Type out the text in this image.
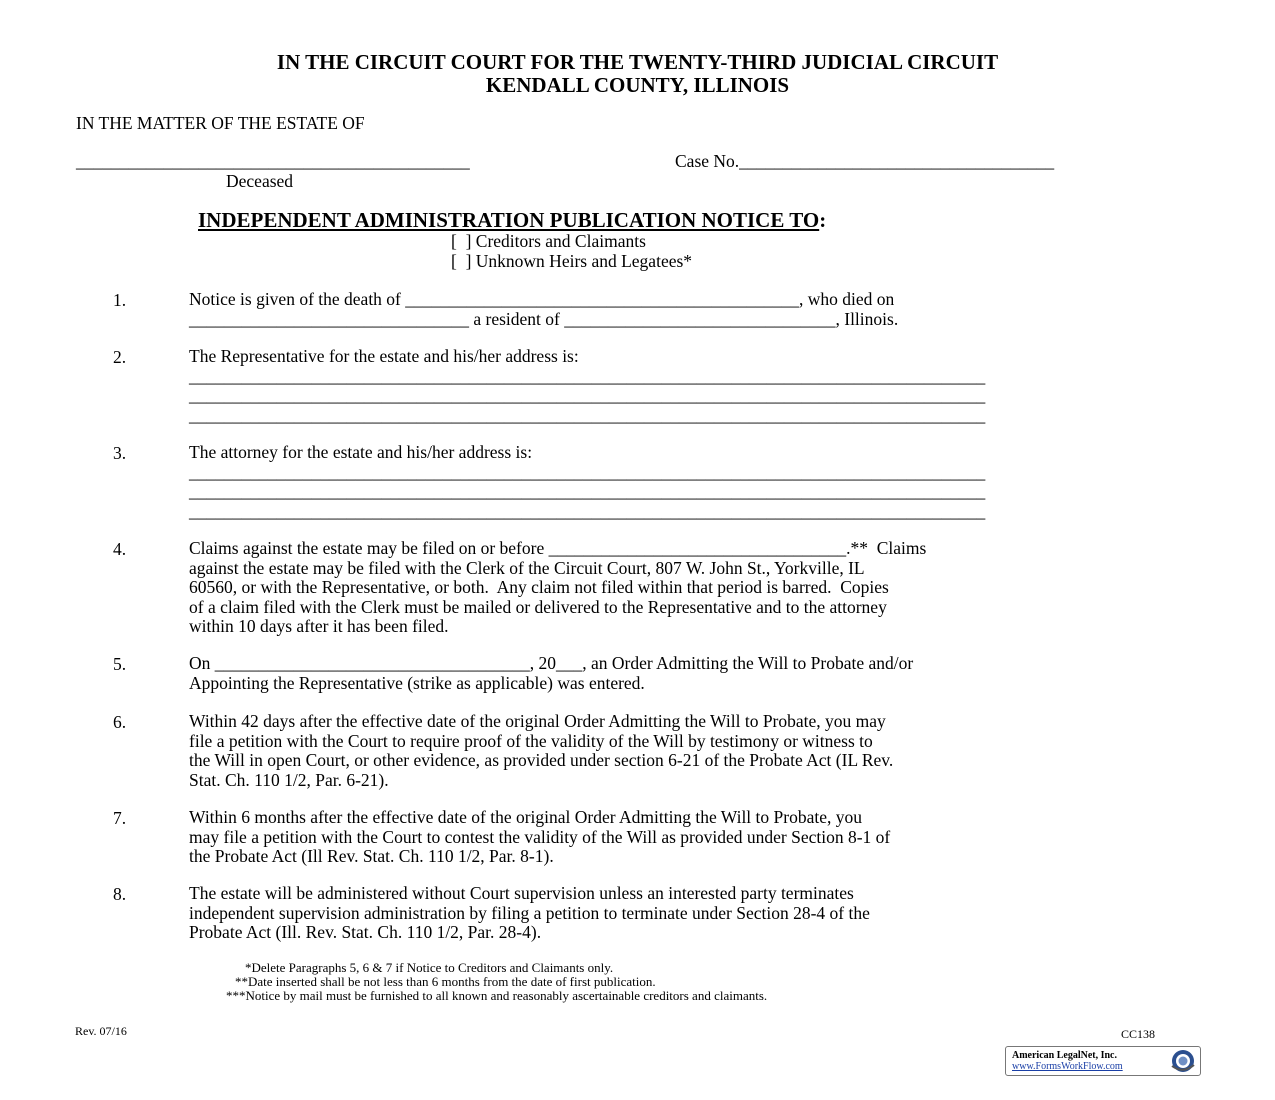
IN THE CIRCUIT COURT FOR THE TWENTY-THIRD JUDICIAL CIRCUIT
KENDALL COUNTY, ILLINOIS
IN THE MATTER OF THE ESTATE OF
_____________________________________________	Case No.____________________________________
Deceased
INDEPENDENT ADMINISTRATION PUBLICATION NOTICE TO:
[  ] Creditors and Claimants
[  ] Unknown Heirs and Legatees*
1.	Notice is given of the death of _____________________________________________, who died on
________________________________ a resident of _______________________________, Illinois.
2.	The Representative for the estate and his/her address is:
___________________________________________________________________________________________
___________________________________________________________________________________________
___________________________________________________________________________________________
3.	The attorney for the estate and his/her address is:
___________________________________________________________________________________________
___________________________________________________________________________________________
___________________________________________________________________________________________
4.	Claims against the estate may be filed on or before __________________________________.**  Claims
against the estate may be filed with the Clerk of the Circuit Court, 807 W. John St., Yorkville, IL
60560, or with the Representative, or both.  Any claim not filed within that period is barred.  Copies
of a claim filed with the Clerk must be mailed or delivered to the Representative and to the attorney
within 10 days after it has been filed.
5.	On ____________________________________, 20___, an Order Admitting the Will to Probate and/or
Appointing the Representative (strike as applicable) was entered.
6.	Within 42 days after the effective date of the original Order Admitting the Will to Probate, you may
file a petition with the Court to require proof of the validity of the Will by testimony or witness to
the Will in open Court, or other evidence, as provided under section 6-21 of the Probate Act (IL Rev.
Stat. Ch. 110 1/2, Par. 6-21).
7.	Within 6 months after the effective date of the original Order Admitting the Will to Probate, you
may file a petition with the Court to contest the validity of the Will as provided under Section 8-1 of
the Probate Act (Ill Rev. Stat. Ch. 110 1/2, Par. 8-1).
8.	The estate will be administered without Court supervision unless an interested party terminates
independent supervision administration by filing a petition to terminate under Section 28-4 of the
Probate Act (Ill. Rev. Stat. Ch. 110 1/2, Par. 28-4).
*Delete Paragraphs 5, 6 & 7 if Notice to Creditors and Claimants only.
**Date inserted shall be not less than 6 months from the date of first publication.
***Notice by mail must be furnished to all known and reasonably ascertainable creditors and claimants.
Rev. 07/16	CC138
American LegalNet, Inc.
www.FormsWorkFlow.com
